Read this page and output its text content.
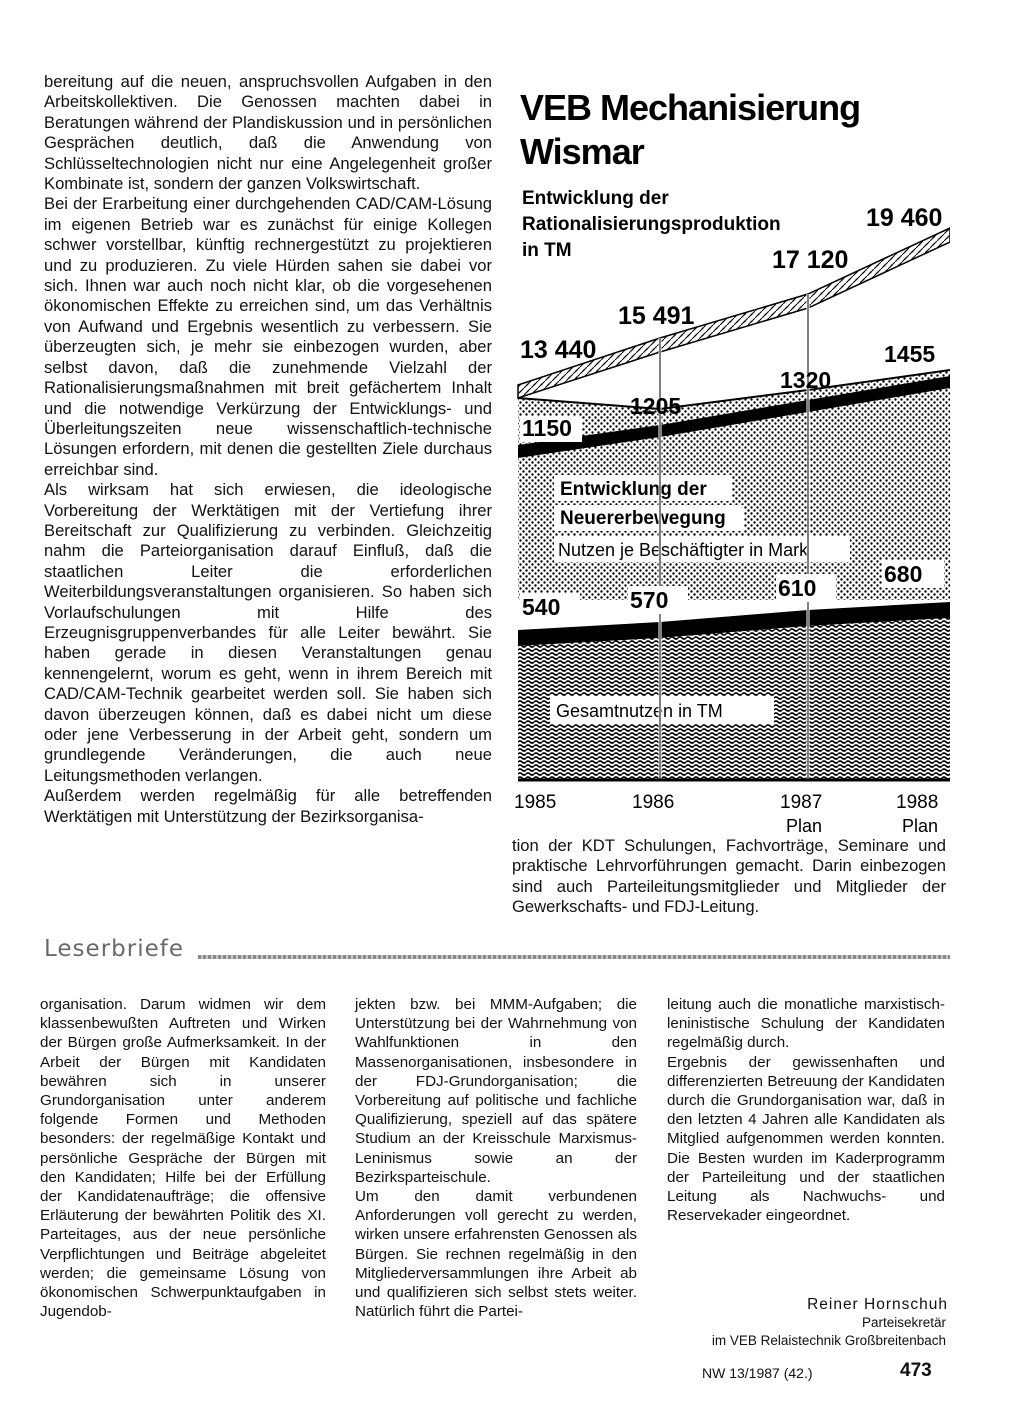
bereitung auf die neuen, anspruchsvollen Aufgaben in den Arbeitskollektiven. Die Genossen machten dabei in Beratungen während der Plandiskussion und in persönlichen Gesprächen deutlich, daß die Anwendung von Schlüsseltechnologien nicht nur eine Angelegenheit großer Kombinate ist, sondern der ganzen Volkswirtschaft.

Bei der Erarbeitung einer durchgehenden CAD/CAM-Lösung im eigenen Betrieb war es zunächst für einige Kollegen schwer vorstellbar, künftig rechnergestützt zu projektieren und zu produzieren. Zu viele Hürden sahen sie dabei vor sich. Ihnen war auch noch nicht klar, ob die vorgesehenen ökonomischen Effekte zu erreichen sind, um das Verhältnis von Aufwand und Ergebnis wesentlich zu verbessern. Sie überzeugten sich, je mehr sie einbezogen wurden, aber selbst davon, daß die zunehmende Vielzahl der Rationalisierungsmaßnahmen mit breit gefächertem Inhalt und die notwendige Verkürzung der Entwicklungs- und Überleitungszeiten neue wissenschaftlich-technische Lösungen erfordern, mit denen die gestellten Ziele durchaus erreichbar sind.

Als wirksam hat sich erwiesen, die ideologische Vorbereitung der Werktätigen mit der Vertiefung ihrer Bereitschaft zur Qualifizierung zu verbinden. Gleichzeitig nahm die Parteiorganisation darauf Einfluß, daß die staatlichen Leiter die erforderlichen Weiterbildungsveranstaltungen organisieren. So haben sich Vorlaufschulungen mit Hilfe des Erzeugnisgruppenverbandes für alle Leiter bewährt. Sie haben gerade in diesen Veranstaltungen genau kennengelernt, worum es geht, wenn in ihrem Bereich mit CAD/CAM-Technik gearbeitet werden soll. Sie haben sich davon überzeugen können, daß es dabei nicht um diese oder jene Verbesserung in der Arbeit geht, sondern um grundlegende Veränderungen, die auch neue Leitungsmethoden verlangen.

Außerdem werden regelmäßig für alle betreffenden Werktätigen mit Unterstützung der Bezirksorganisa-

VEB Mechanisierung
Wismar
Entwicklung der
Rationalisierungsproduktion
in TM
Entwicklung der
Neuererbewegung
Nutzen je Beschäftigter in Mark
Gesamtnutzen in TM
13 440
15 491
17 120
19 460
1150
1205
1320
1455
540	570	610
680
1985	1986	1987	1988
Plan	Plan

tion der KDT Schulungen, Fachvorträge, Seminare und praktische Lehrvorführungen gemacht. Darin einbezogen sind auch Parteileitungsmitglieder und Mitglieder der Gewerkschafts- und FDJ-Leitung.

Leserbriefe

organisation. Darum widmen wir dem klassenbewußten Auftreten und Wirken der Bürgen große Aufmerksamkeit. In der Arbeit der Bürgen mit Kandidaten bewähren sich in unserer Grundorganisation unter anderem folgende Formen und Methoden besonders: der regelmäßige Kontakt und persönliche Gespräche der Bürgen mit den Kandidaten; Hilfe bei der Erfüllung der Kandidatenaufträge; die offensive Erläuterung der bewährten Politik des XI. Parteitages, aus der neue persönliche Verpflichtungen und Beiträge abgeleitet werden; die gemeinsame Lösung von ökonomischen Schwerpunktaufgaben in Jugendob-

jekten bzw. bei MMM-Aufgaben; die Unterstützung bei der Wahrnehmung von Wahlfunktionen in den Massenorganisationen, insbesondere in der FDJ-Grundorganisation; die Vorbereitung auf politische und fachliche Qualifizierung, speziell auf das spätere Studium an der Kreisschule Marxismus-Leninismus sowie an der Bezirksparteischule.

Um den damit verbundenen Anforderungen voll gerecht zu werden, wirken unsere erfahrensten Genossen als Bürgen. Sie rechnen regelmäßig in den Mitgliederversammlungen ihre Arbeit ab und qualifizieren sich selbst stets weiter. Natürlich führt die Partei-

leitung auch die monatliche marxistisch-leninistische Schulung der Kandidaten regelmäßig durch.

Ergebnis der gewissenhaften und differenzierten Betreuung der Kandidaten durch die Grundorganisation war, daß in den letzten 4 Jahren alle Kandidaten als Mitglied aufgenommen werden konnten. Die Besten wurden im Kaderprogramm der Parteileitung und der staatlichen Leitung als Nachwuchs- und Reservekader eingeordnet.

Reiner Hornschuh
Parteisekretär
im VEB Relaistechnik Großbreitenbach
NW 13/1987 (42.)	473
